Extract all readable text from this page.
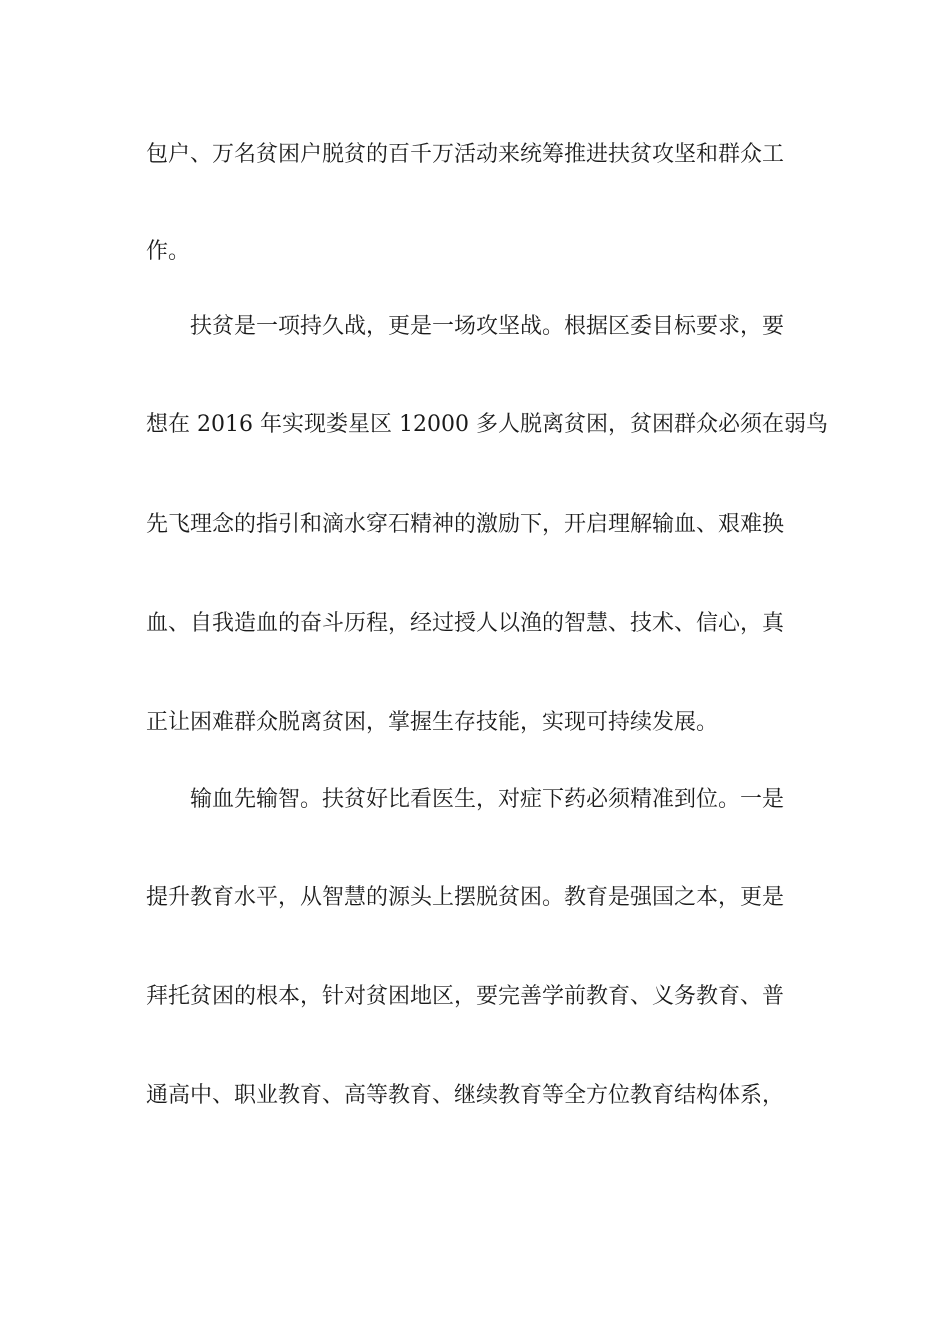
包户、万名贫困户脱贫的百千万活动来统筹推进扶贫攻坚和群众工
作。
扶贫是一项持久战，更是一场攻坚战。根据区委目标要求，要
想在 2016 年实现娄星区 12000 多人脱离贫困，贫困群众必须在弱鸟
先飞理念的指引和滴水穿石精神的激励下，开启理解输血、艰难换
血、自我造血的奋斗历程，经过授人以渔的智慧、技术、信心，真
正让困难群众脱离贫困，掌握生存技能，实现可持续发展。
输血先输智。扶贫好比看医生，对症下药必须精准到位。一是
提升教育水平，从智慧的源头上摆脱贫困。教育是强国之本，更是
拜托贫困的根本，针对贫困地区，要完善学前教育、义务教育、普
通高中、职业教育、高等教育、继续教育等全方位教育结构体系，
